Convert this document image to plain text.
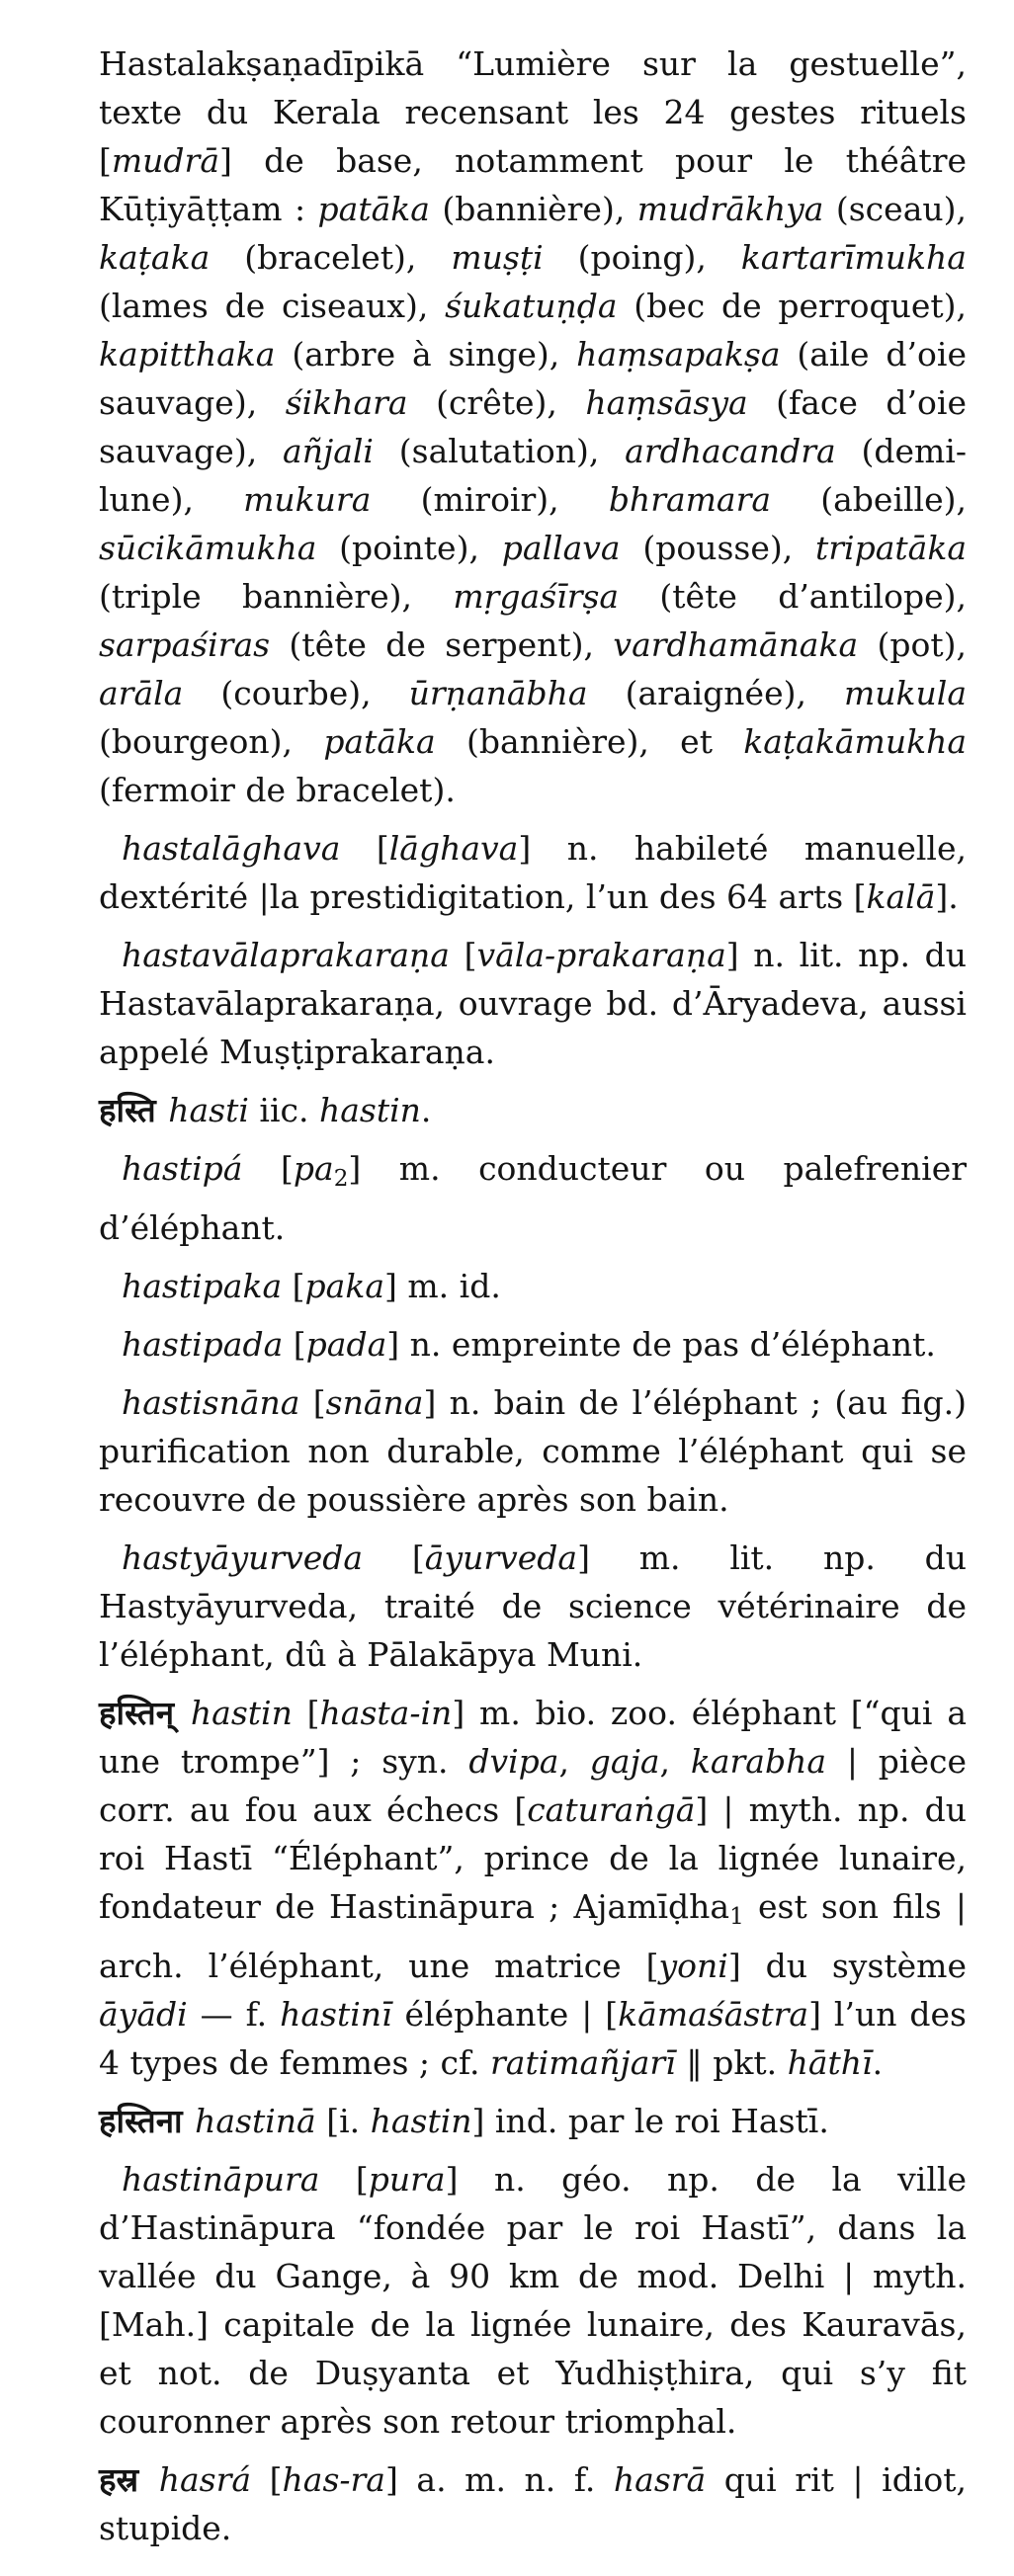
Hastalakṣaṇadīpikā “Lumière sur la gestuelle”, texte du Kerala recensant les 24 gestes rituels [mudrā] de base, notamment pour le théâtre Kūṭiyāṭṭam : patāka (bannière), mudrākhya (sceau), kaṭaka (bracelet), muṣṭi (poing), kartarīmukha (lames de ciseaux), śukatuṇḍa (bec de perroquet), kapitthaka (arbre à singe), haṃsapakṣa (aile d’oie sauvage), śikhara (crête), haṃsāsya (face d’oie sauvage), añjali (salutation), ardhacandra (demi-lune), mukura (miroir), bhramara (abeille), sūcikāmukha (pointe), pallava (pousse), tripatāka (triple bannière), mṛgaśīrṣa (tête d’antilope), sarpaśiras (tête de serpent), vardhamānaka (pot), arāla (courbe), ūrṇanābha (araignée), mukula (bourgeon), patāka (bannière), et kaṭakāmukha (fermoir de bracelet).

hastalāghava [lāghava] n. habileté manuelle, dextérité |la prestidigitation, l’un des 64 arts [kalā].

hastavālaprakaraṇa [vāla-prakaraṇa] n. lit. np. du Hastavālaprakaraṇa, ouvrage bd. d’Āryadeva, aussi appelé Muṣṭiprakaraṇa.

हस्ति hasti iic. hastin.

hastipá [pa2] m. conducteur ou palefrenier d’éléphant.

hastipaka [paka] m. id.

hastipada [pada] n. empreinte de pas d’éléphant.

hastisnāna [snāna] n. bain de l’éléphant ; (au fig.) purification non durable, comme l’éléphant qui se recouvre de poussière après son bain.

hastyāyurveda [āyurveda] m. lit. np. du Hastyāyurveda, traité de science vétérinaire de l’éléphant, dû à Pālakāpya Muni.

हस्तिन् hastin [hasta-in] m. bio. zoo. éléphant [“qui a une trompe”] ; syn. dvipa, gaja, karabha | pièce corr. au fou aux échecs [caturaṅgā] | myth. np. du roi Hastī “Éléphant”, prince de la lignée lunaire, fondateur de Hastināpura ; Ajamīḍha1 est son fils | arch. l’éléphant, une matrice [yoni] du système āyādi — f. hastinī éléphante | [kāmaśāstra] l’un des 4 types de femmes ; cf. ratimañjarī ‖ pkt. hāthī.

हस्तिना hastinā [i. hastin] ind. par le roi Hastī.

hastināpura [pura] n. géo. np. de la ville d’Hastināpura “fondée par le roi Hastī”, dans la vallée du Gange, à 90 km de mod. Delhi | myth. [Mah.] capitale de la lignée lunaire, des Kauravās, et not. de Duṣyanta et Yudhiṣṭhira, qui s’y fit couronner après son retour triomphal.

हस्र hasrá [has-ra] a. m. n. f. hasrā qui rit | idiot, stupide.
